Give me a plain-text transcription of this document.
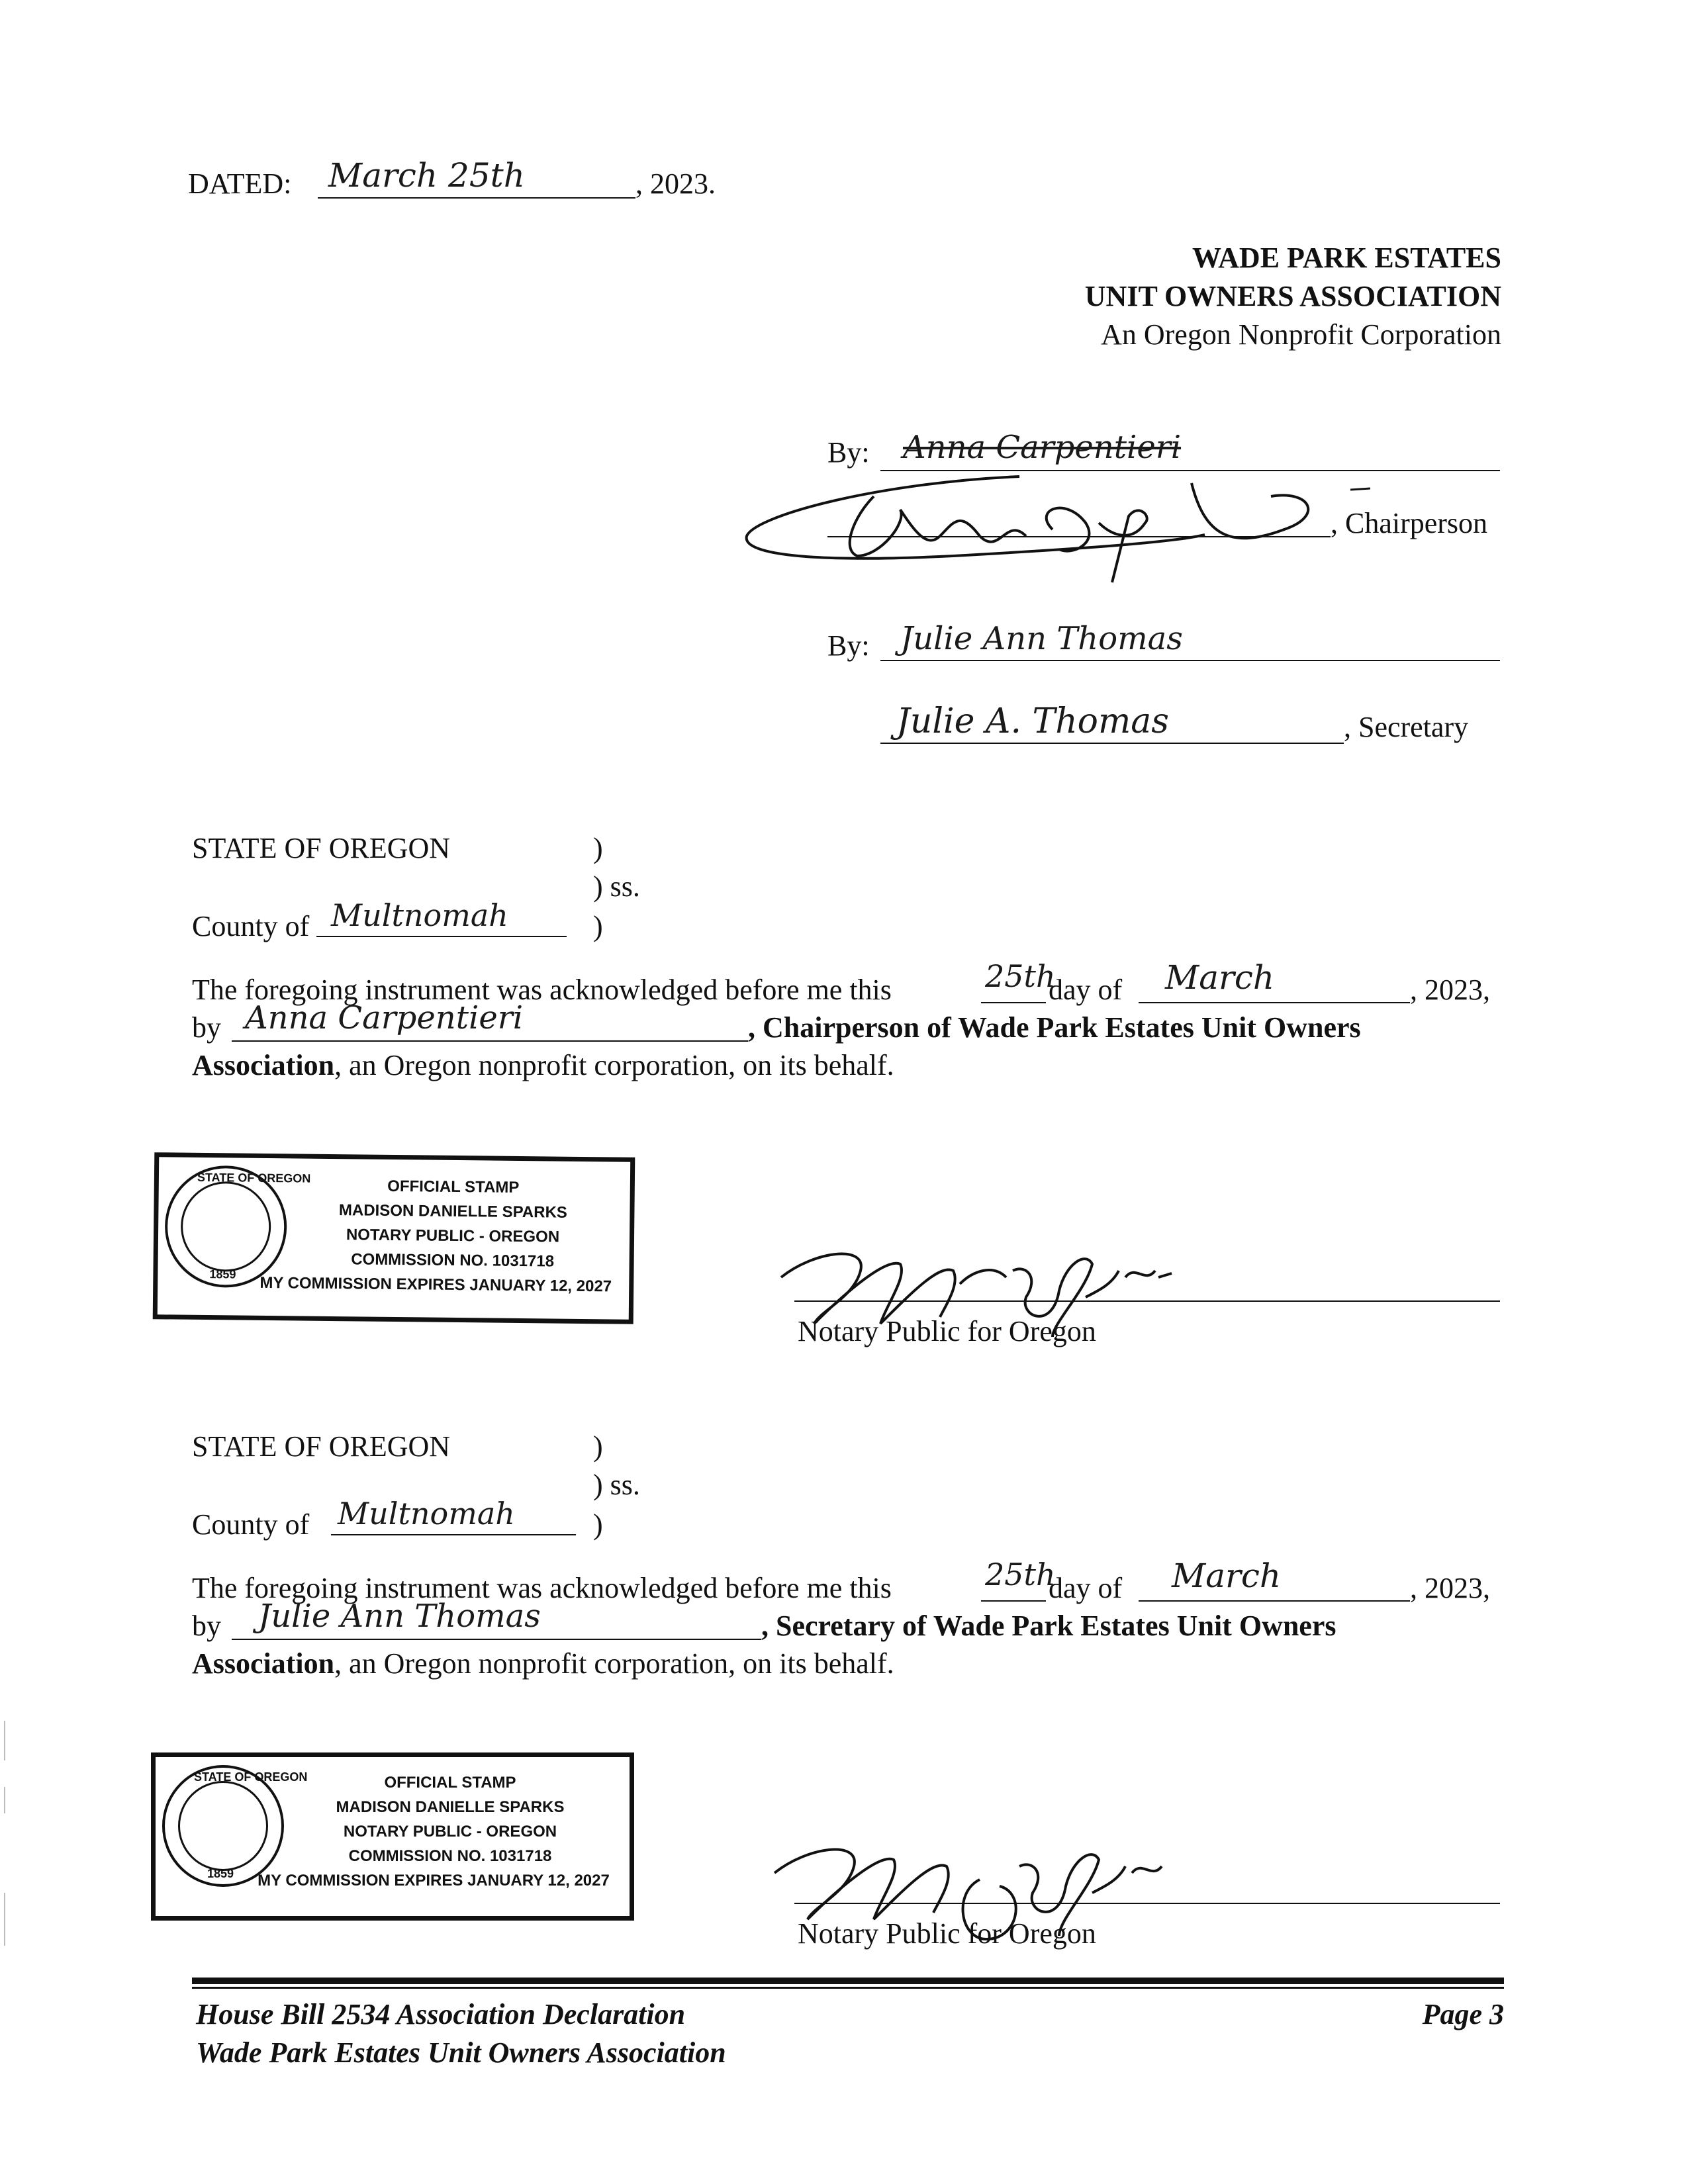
DATED: March 25th	, 2023.
WADE PARK ESTATES
UNIT OWNERS ASSOCIATION
An Oregon Nonprofit Corporation
By: Anna Carpentieri
, Chairperson
By: Julie Ann Thomas
Julie A. Thomas	, Secretary
STATE OF OREGON	)
) ss.
County of Multnomah	)
The foregoing instrument was acknowledged before me this	25th
day of March	, 2023,
by Anna Carpentieri	, Chairperson of Wade Park Estates Unit Owners
Association, an Oregon nonprofit corporation, on its behalf.
STATE OF OREGON
1859
OFFICIAL STAMP
MADISON DANIELLE SPARKS
NOTARY PUBLIC - OREGON
COMMISSION NO. 1031718
MY COMMISSION EXPIRES JANUARY 12, 2027
Notary Public for Oregon
STATE OF OREGON	)
) ss.
County of Multnomah	)
The foregoing instrument was acknowledged before me this	25th
day of March	, 2023,
by Julie Ann Thomas	, Secretary of Wade Park Estates Unit Owners
Association, an Oregon nonprofit corporation, on its behalf.
STATE OF OREGON
1859
OFFICIAL STAMP
MADISON DANIELLE SPARKS
NOTARY PUBLIC - OREGON
COMMISSION NO. 1031718
MY COMMISSION EXPIRES JANUARY 12, 2027
Notary Public for Oregon
House Bill 2534 Association Declaration
Wade Park Estates Unit Owners Association
Page 3
